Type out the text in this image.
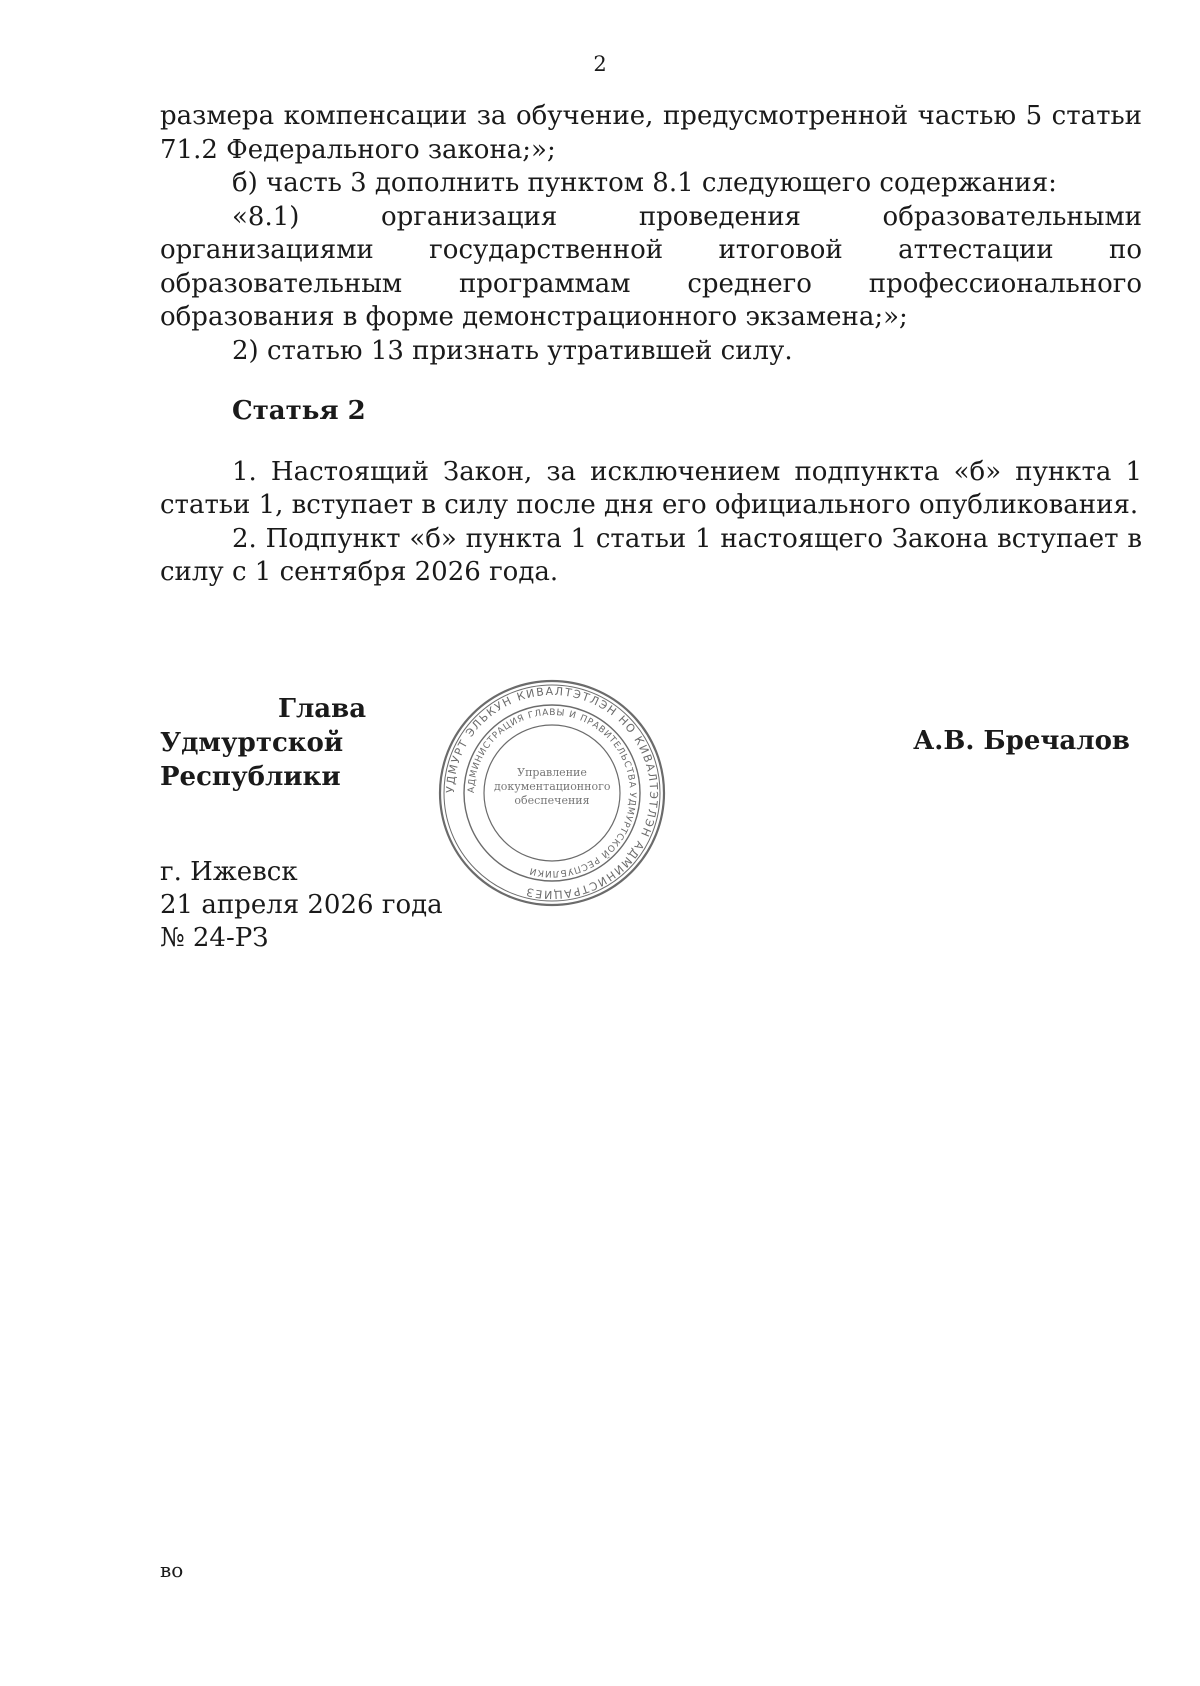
2

размера компенсации за обучение, предусмотренной частью 5 статьи 71.2 Федерального закона;»;

б) часть 3 дополнить пунктом 8.1 следующего содержания:

«8.1) организация проведения образовательными организациями государственной итоговой аттестации по образовательным программам среднего профессионального образования в форме демонстрационного экзамена;»;

2) статью 13 признать утратившей силу.

Статья 2

1. Настоящий Закон, за исключением подпункта «б» пункта 1 статьи 1, вступает в силу после дня его официального опубликования.

2. Подпункт «б» пункта 1 статьи 1 настоящего Закона вступает в силу с 1 сентября 2026 года.

Глава
Удмуртской Республики
А.В. Бречалов
УДМУРТ ЭЛЬКУН КИВАЛТЭТЛЭН НО КИВАЛТЭТЛЭН АДМИНИСТРАЦИЕЗ
АДМИНИСТРАЦИЯ ГЛАВЫ И ПРАВИТЕЛЬСТВА УДМУРТСКОЙ РЕСПУБЛИКИ
Управление документационного обеспечения
г. Ижевск
21 апреля 2026 года
№ 24-РЗ
во
